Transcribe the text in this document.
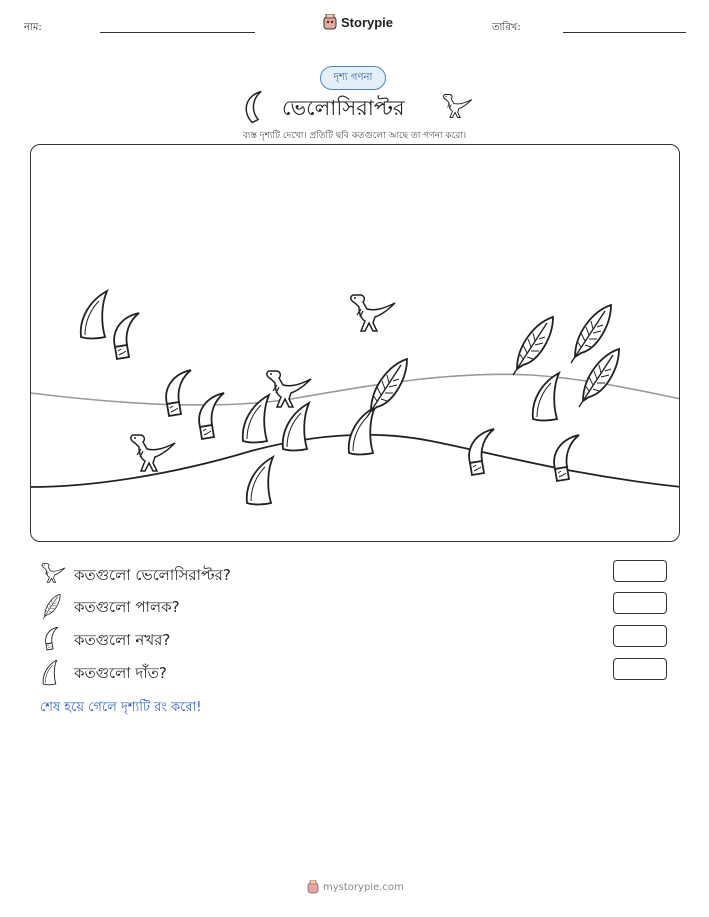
নাম:	Storypie	তারিখ:
দৃশ্য গণনা
ভেলোসিরাপ্টর
ব্যস্ত দৃশ্যটি দেখো। প্রতিটি ছবি কতগুলো আছে তা গণনা করো।
কতগুলো ভেলোসিরাপ্টর?
কতগুলো পালক?
কতগুলো নখর?
কতগুলো দাঁত?
শেষ হয়ে গেলে দৃশ্যটি রং করো!
mystorypie.com
